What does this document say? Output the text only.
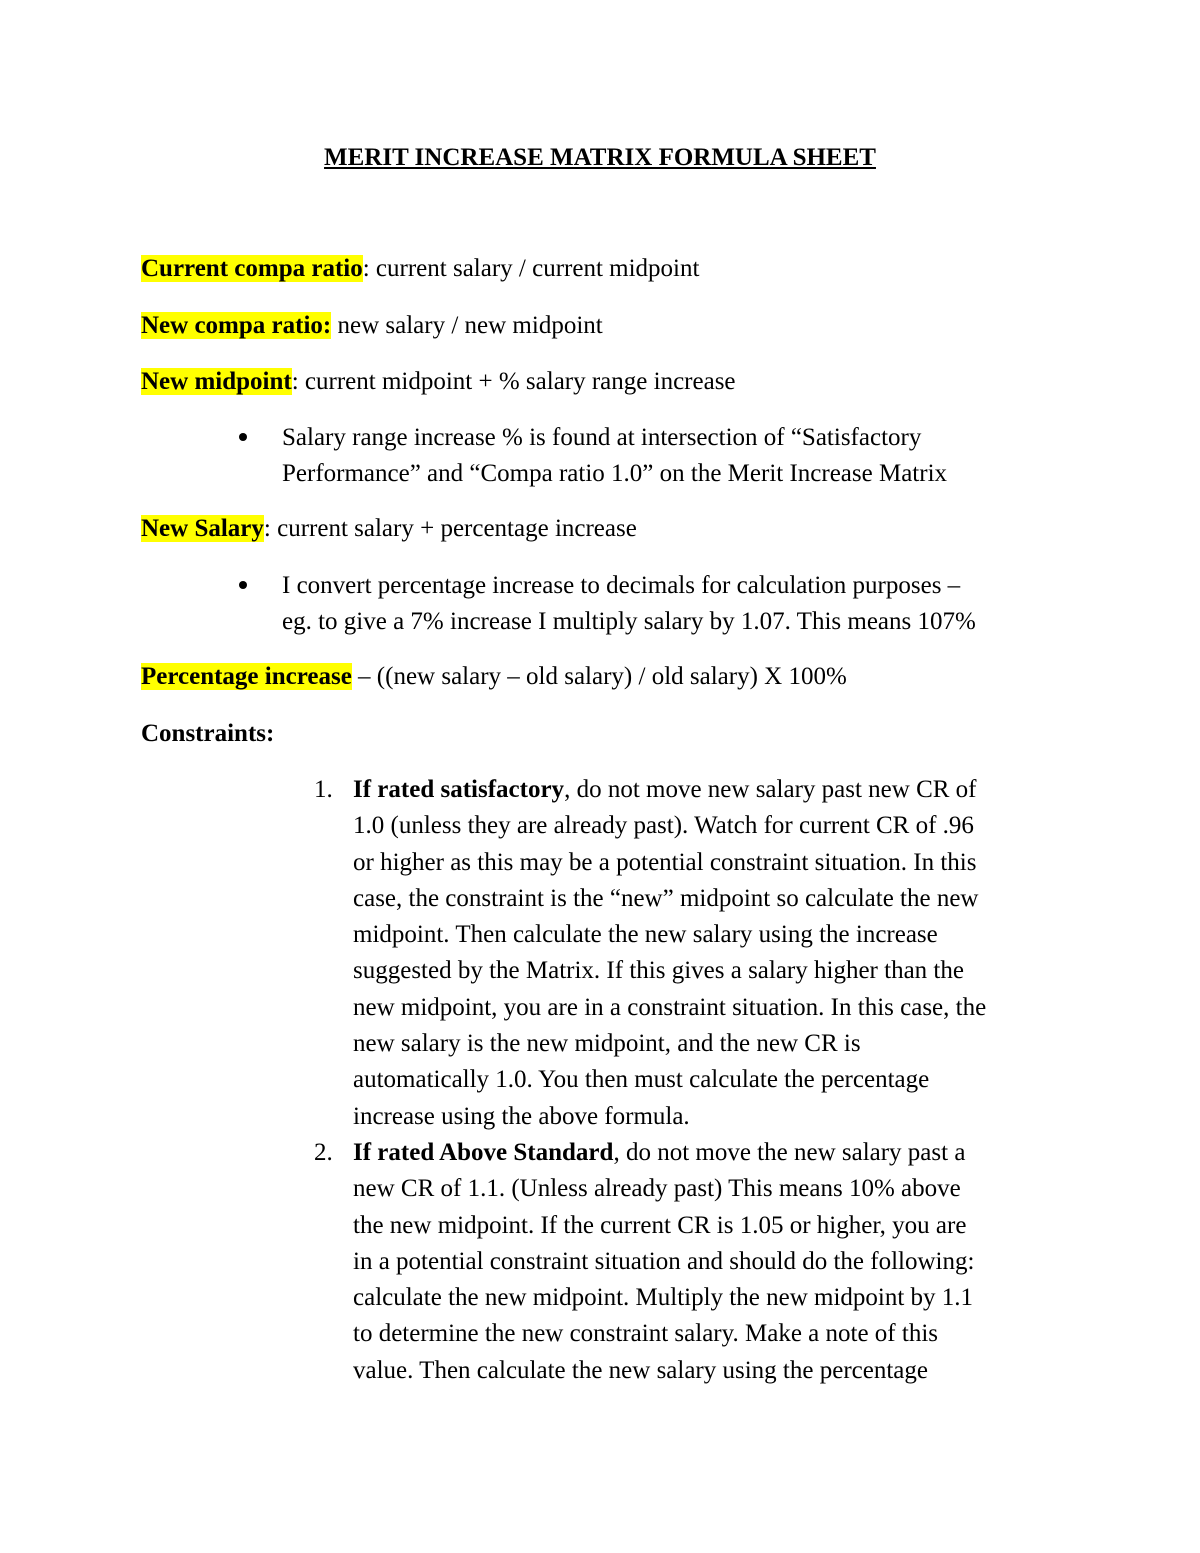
MERIT INCREASE MATRIX FORMULA SHEET
Current compa ratio: current salary / current midpoint
New compa ratio: new salary / new midpoint
New midpoint: current midpoint + % salary range increase
Salary range increase % is found at intersection of “Satisfactory
Performance” and “Compa ratio 1.0” on the Merit Increase Matrix
New Salary: current salary + percentage increase
I convert percentage increase to decimals for calculation purposes –
eg. to give a 7% increase I multiply salary by 1.07. This means 107%
Percentage increase – ((new salary – old salary) / old salary) X 100%
Constraints:
1. If rated satisfactory, do not move new salary past new CR of
1.0 (unless they are already past). Watch for current CR of .96
or higher as this may be a potential constraint situation. In this
case, the constraint is the “new” midpoint so calculate the new
midpoint. Then calculate the new salary using the increase
suggested by the Matrix. If this gives a salary higher than the
new midpoint, you are in a constraint situation. In this case, the
new salary is the new midpoint, and the new CR is
automatically 1.0. You then must calculate the percentage
increase using the above formula.
2. If rated Above Standard, do not move the new salary past a
new CR of 1.1. (Unless already past) This means 10% above
the new midpoint. If the current CR is 1.05 or higher, you are
in a potential constraint situation and should do the following:
calculate the new midpoint. Multiply the new midpoint by 1.1
to determine the new constraint salary. Make a note of this
value. Then calculate the new salary using the percentage
